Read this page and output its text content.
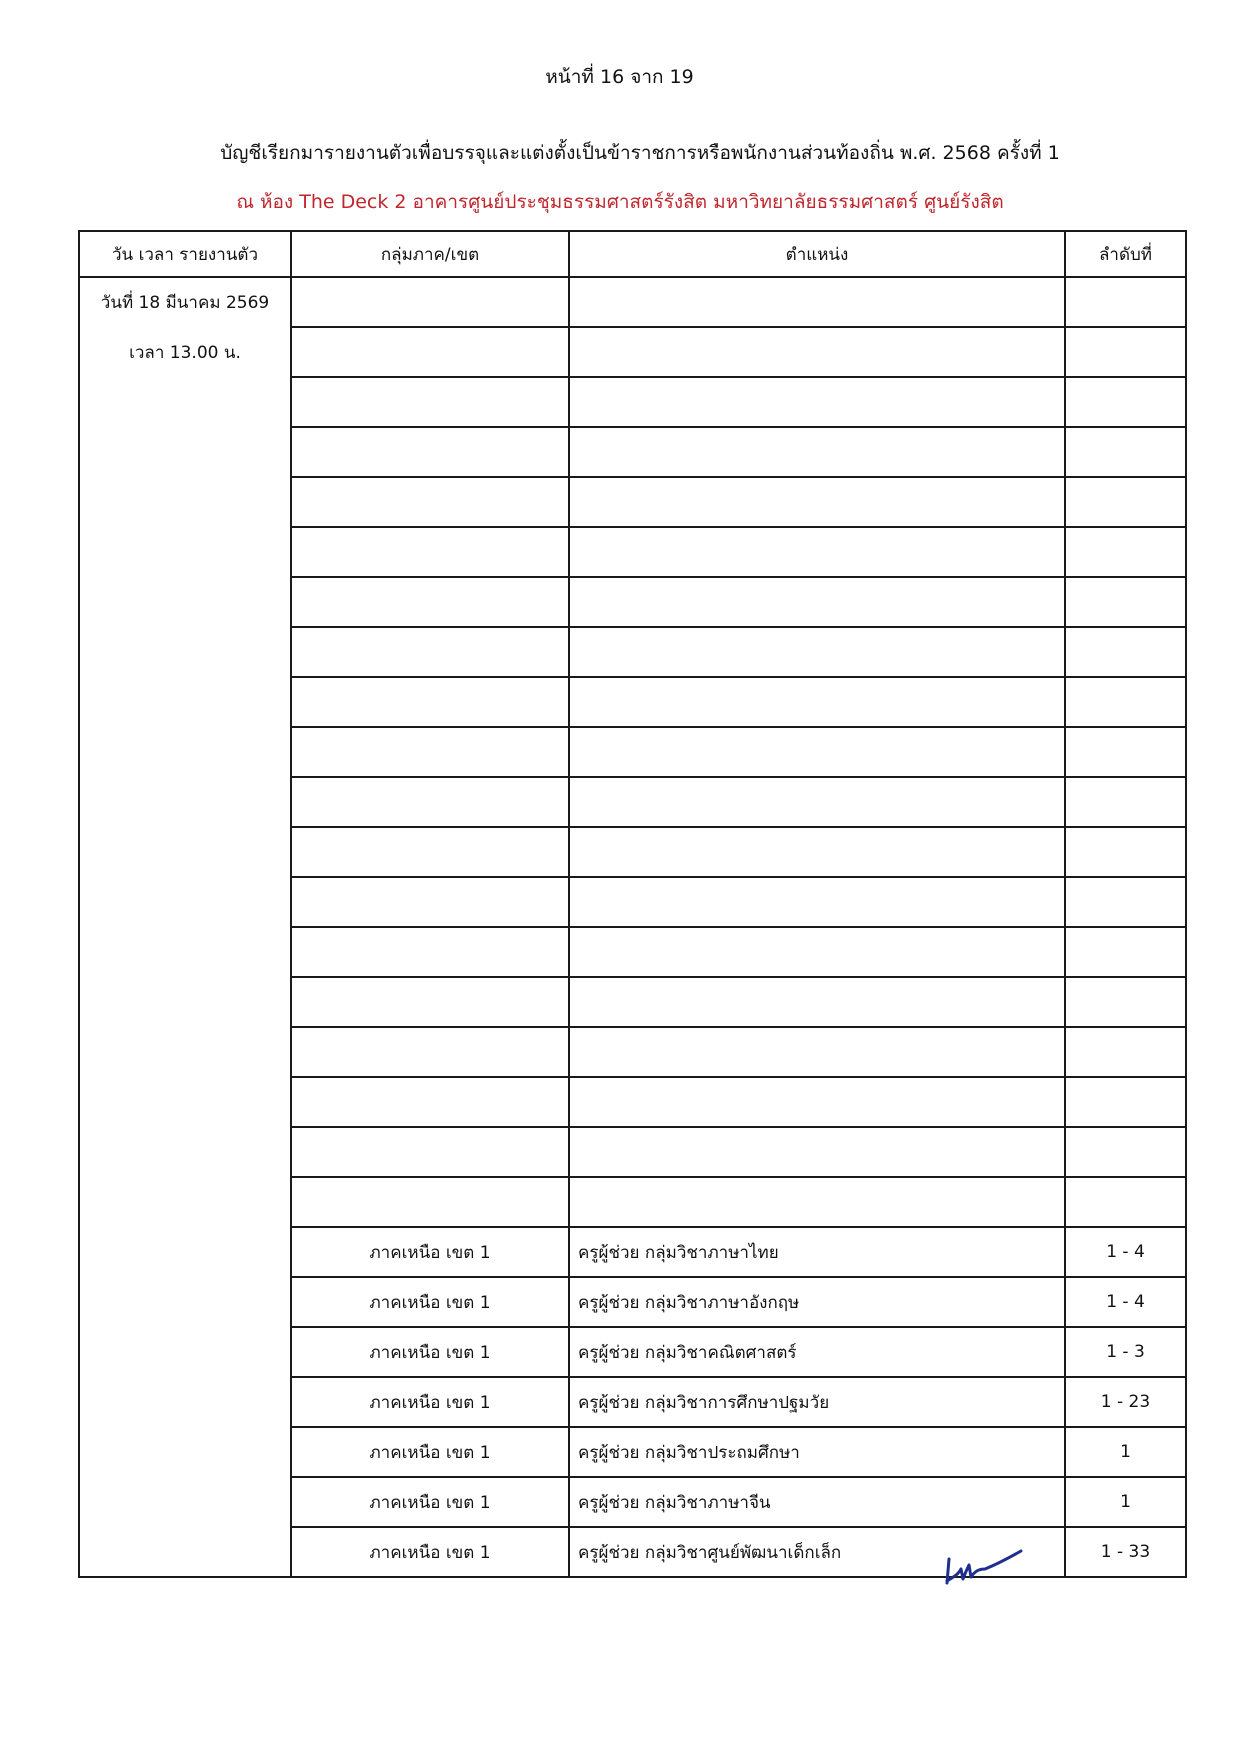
หน้าที่ 16 จาก 19
บัญชีเรียกมารายงานตัวเพื่อบรรจุและแต่งตั้งเป็นข้าราชการหรือพนักงานส่วนท้องถิ่น พ.ศ. 2568 ครั้งที่ 1
ณ ห้อง The Deck 2 อาคารศูนย์ประชุมธรรมศาสตร์รังสิต มหาวิทยาลัยธรรมศาสตร์ ศูนย์รังสิต
วัน เวลา รายงานตัว	กลุ่มภาค/เขต	ตำแหน่ง	ลำดับที่

วันที่ 18 มีนาคม 2569
เวลา 13.00 น.			

	ภาคเหนือ เขต 1	ครูผู้ช่วย กลุ่มวิชาภาษาไทย	1 - 4
	ภาคเหนือ เขต 1	ครูผู้ช่วย กลุ่มวิชาภาษาอังกฤษ	1 - 4
	ภาคเหนือ เขต 1	ครูผู้ช่วย กลุ่มวิชาคณิตศาสตร์	1 - 3
	ภาคเหนือ เขต 1	ครูผู้ช่วย กลุ่มวิชาการศึกษาปฐมวัย	1 - 23
	ภาคเหนือ เขต 1	ครูผู้ช่วย กลุ่มวิชาประถมศึกษา	1
	ภาคเหนือ เขต 1	ครูผู้ช่วย กลุ่มวิชาภาษาจีน	1
	ภาคเหนือ เขต 1	ครูผู้ช่วย กลุ่มวิชาศูนย์พัฒนาเด็กเล็ก	1 - 33
